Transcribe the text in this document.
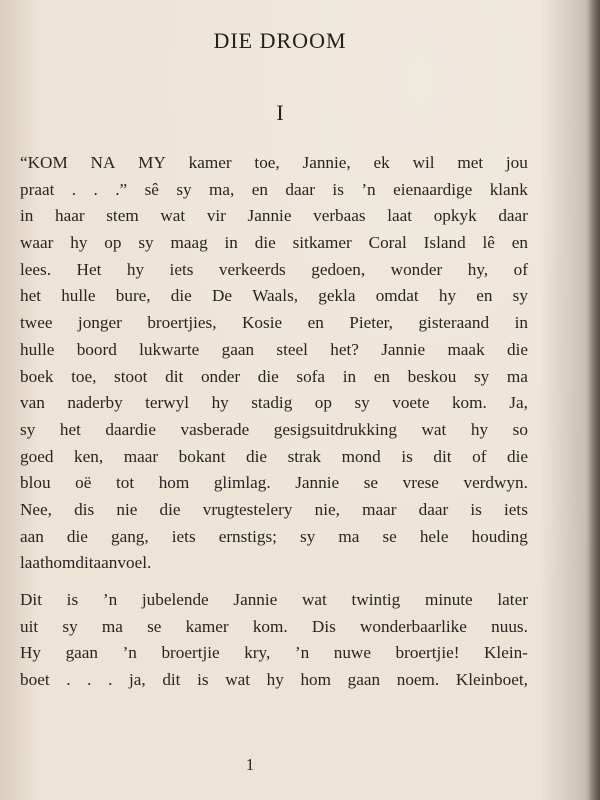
DIE DROOM
I
“KOM NA MY kamer toe, Jannie, ek wil met jou
praat . . .” sê sy ma, en daar is ’n eienaardige klank
in haar stem wat vir Jannie verbaas laat opkyk daar
waar hy op sy maag in die sitkamer Coral Island lê en
lees. Het hy iets verkeerds gedoen, wonder hy, of
het hulle bure, die De Waals, gekla omdat hy en sy
twee jonger broertjies, Kosie en Pieter, gisteraand in
hulle boord lukwarte gaan steel het? Jannie maak die
boek toe, stoot dit onder die sofa in en beskou sy ma
van naderby terwyl hy stadig op sy voete kom. Ja,
sy het daardie vasberade gesigsuitdrukking wat hy so
goed ken, maar bokant die strak mond is dit of die
blou oë tot hom glimlag. Jannie se vrese verdwyn.
Nee, dis nie die vrugtestelery nie, maar daar is iets
aan die gang, iets ernstigs; sy ma se hele houding
laat hom dit aanvoel.
Dit is ’n jubelende Jannie wat twintig minute later
uit sy ma se kamer kom. Dis wonderbaarlike nuus.
Hy gaan ’n broertjie kry, ’n nuwe broertjie! Klein-
boet . . . ja, dit is wat hy hom gaan noem. Kleinboet,
1
